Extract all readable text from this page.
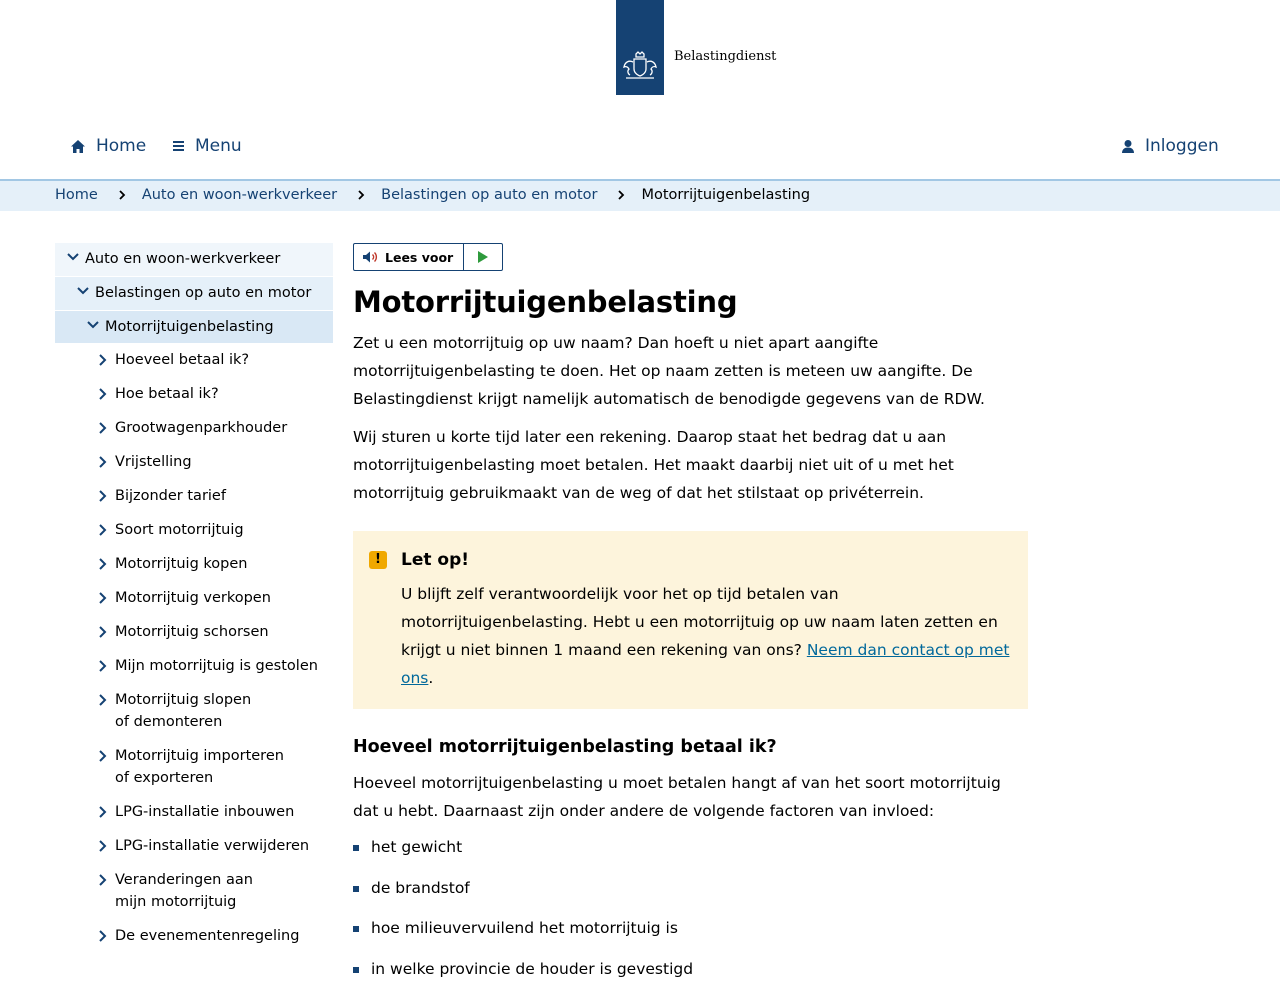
Belastingdienst
Home	Menu	Inloggen
Home	Auto en woon-werkverkeer	Belastingen op auto en motor	Motorrijtuigenbelasting
Auto en woon-werkverkeer
Belastingen op auto en motor
Motorrijtuigenbelasting
Hoeveel betaal ik?
Hoe betaal ik?
Grootwagenparkhouder
Vrijstelling
Bijzonder tarief
Soort motorrijtuig
Motorrijtuig kopen
Motorrijtuig verkopen
Motorrijtuig schorsen
Mijn motorrijtuig is gestolen
Motorrijtuig slopen
of demonteren
Motorrijtuig importeren
of exporteren
LPG-installatie inbouwen
LPG-installatie verwijderen
Veranderingen aan
mijn motorrijtuig
De evenementenregeling
Lees voor
Motorrijtuigenbelasting

Zet u een motorrijtuig op uw naam? Dan hoeft u niet apart aangifte motorrijtuigenbelasting te doen. Het op naam zetten is meteen uw aangifte. De Belastingdienst krijgt namelijk automatisch de benodigde gegevens van de RDW.

Wij sturen u korte tijd later een rekening. Daarop staat het bedrag dat u aan motorrijtuigenbelasting moet betalen. Het maakt daarbij niet uit of u met het motorrijtuig gebruikmaakt van de weg of dat het stilstaat op privéterrein.

!	Let op!

U blijft zelf verantwoordelijk voor het op tijd betalen van motorrijtuigenbelasting. Hebt u een motorrijtuig op uw naam laten zetten en krijgt u niet binnen 1 maand een rekening van ons? Neem dan contact op met ons.

Hoeveel motorrijtuigenbelasting betaal ik?

Hoeveel motorrijtuigenbelasting u moet betalen hangt af van het soort motorrijtuig dat u hebt. Daarnaast zijn onder andere de volgende factoren van invloed:

het gewicht
de brandstof
hoe milieuvervuilend het motorrijtuig is
in welke provincie de houder is gevestigd
